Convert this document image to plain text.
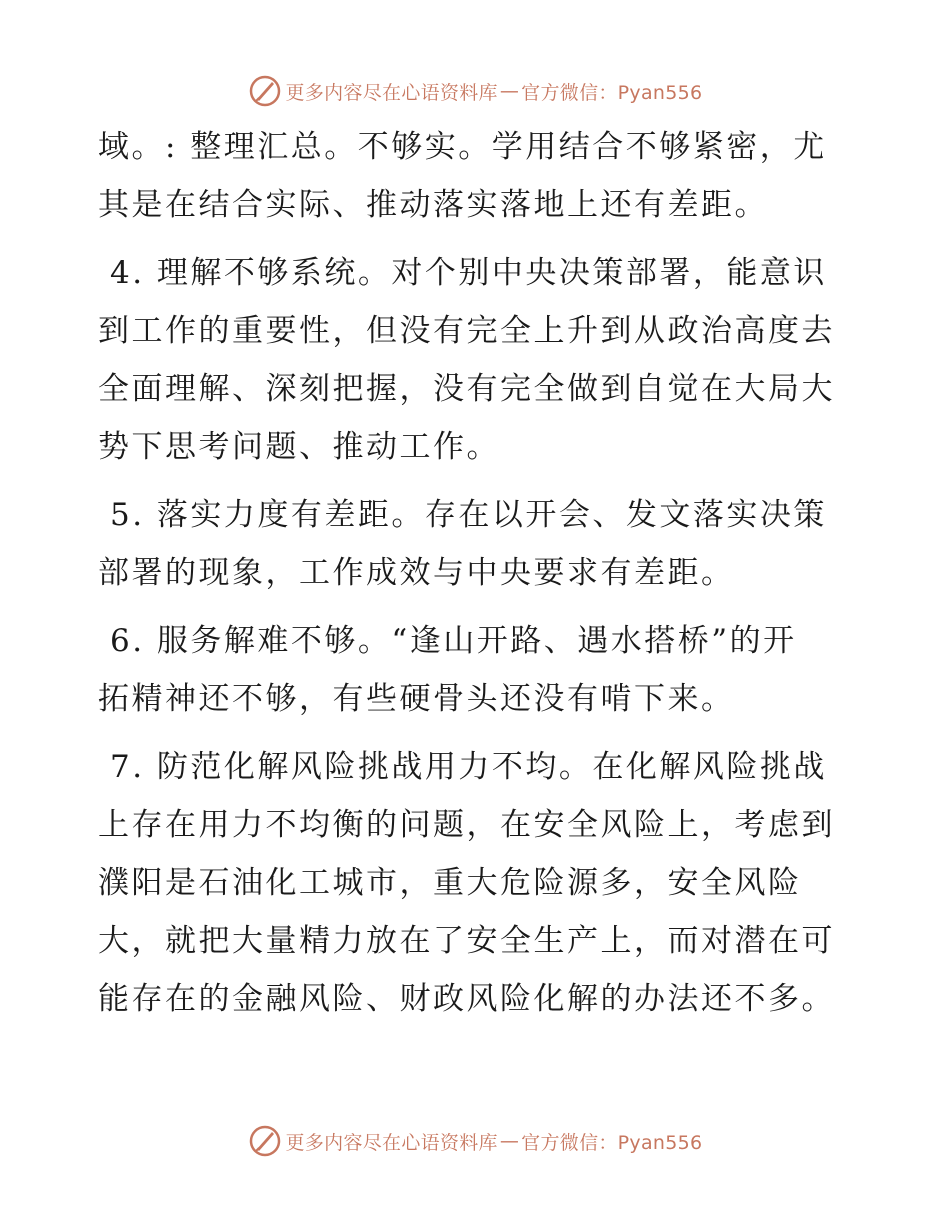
更多内容尽在心语资料库 — 官方微信：Pyan556

域。: 整理汇总。不够实。学用结合不够紧密，尤
其是在结合实际、推动落实落地上还有差距。

4. 理解不够系统。对个别中央决策部署，能意识
到工作的重要性，但没有完全上升到从政治高度去
全面理解、深刻把握，没有完全做到自觉在大局大
势下思考问题、推动工作。

5. 落实力度有差距。存在以开会、发文落实决策
部署的现象，工作成效与中央要求有差距。

6. 服务解难不够。“逢山开路、遇水搭桥”的开
拓精神还不够，有些硬骨头还没有啃下来。

7. 防范化解风险挑战用力不均。在化解风险挑战
上存在用力不均衡的问题，在安全风险上，考虑到
濮阳是石油化工城市，重大危险源多，安全风险
大，就把大量精力放在了安全生产上，而对潜在可
能存在的金融风险、财政风险化解的办法还不多。

更多内容尽在心语资料库 — 官方微信：Pyan556
